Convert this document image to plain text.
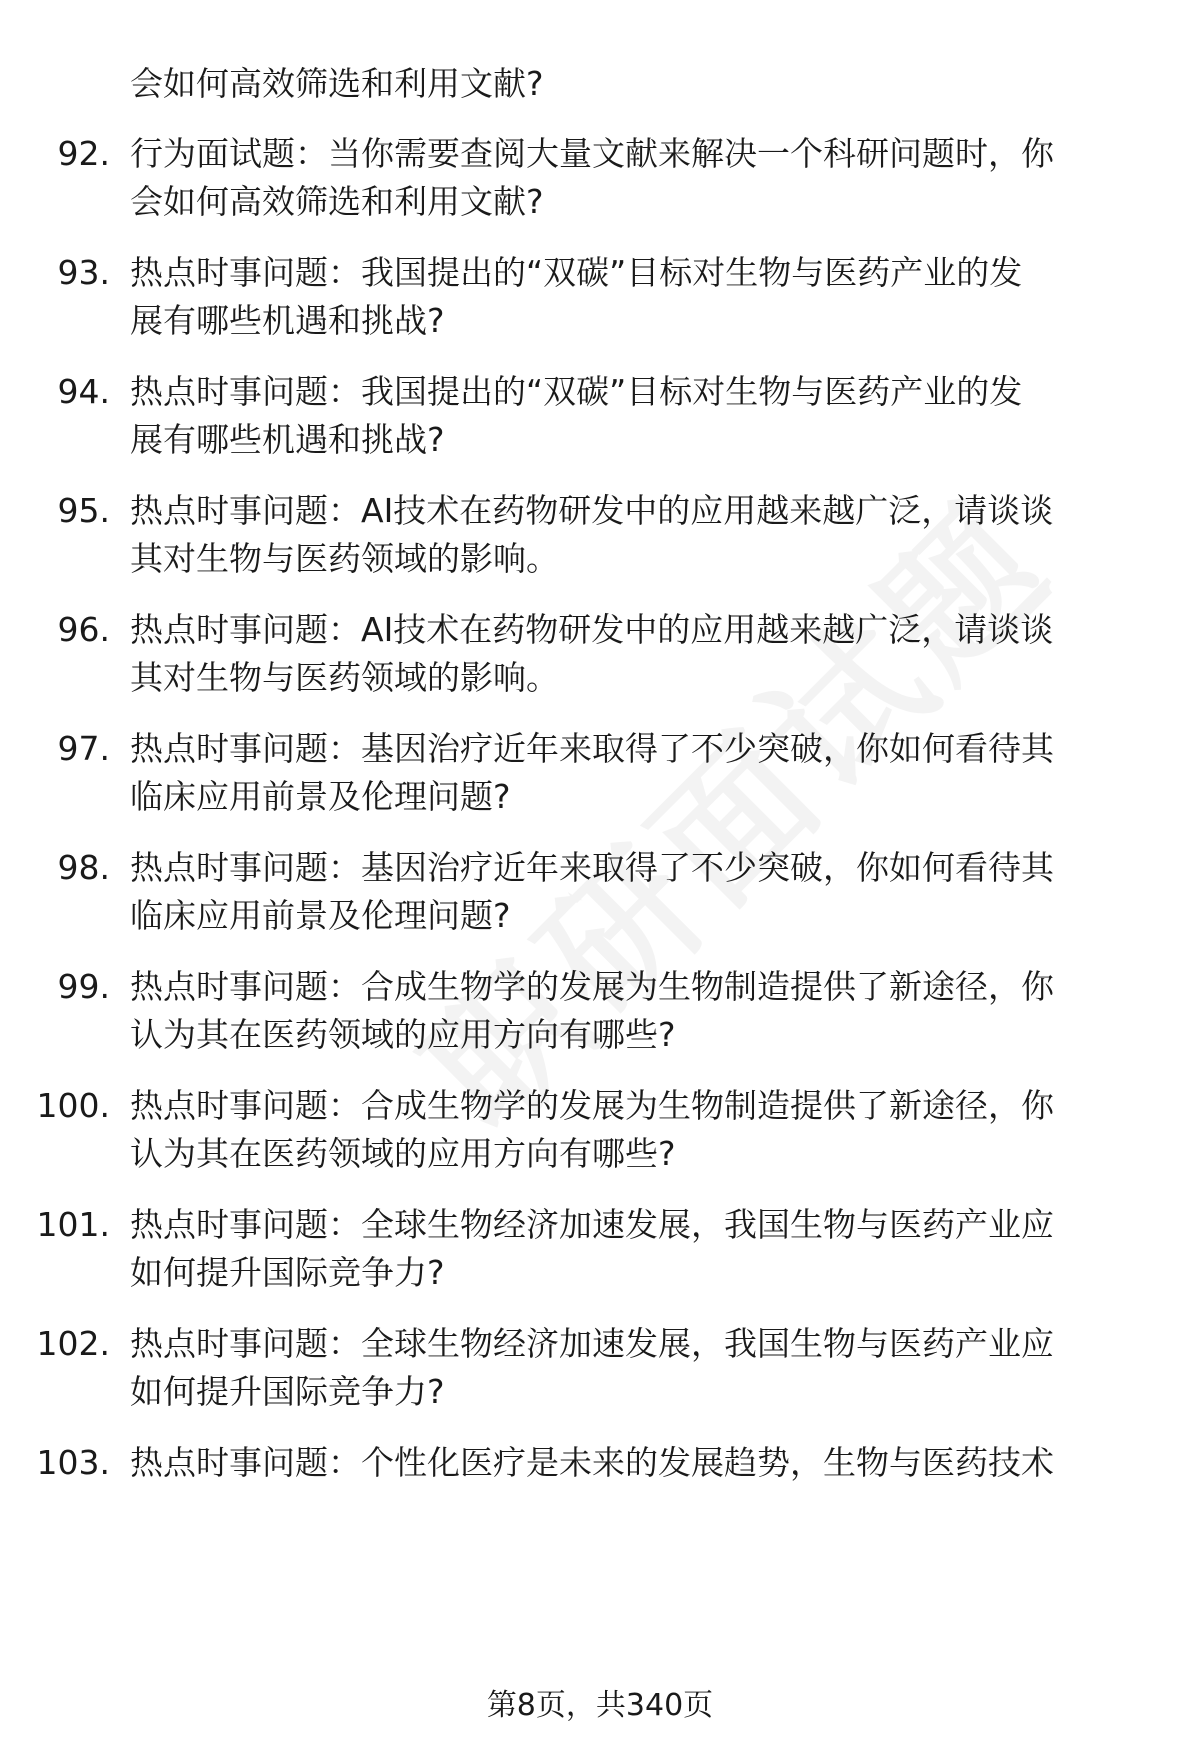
会如何高效筛选和利用文献?
92. 行为面试题：当你需要查阅大量文献来解决一个科研问题时，你
会如何高效筛选和利用文献?
93. 热点时事问题：我国提出的“双碳”目标对生物与医药产业的发
展有哪些机遇和挑战?
94. 热点时事问题：我国提出的“双碳”目标对生物与医药产业的发
展有哪些机遇和挑战?
95. 热点时事问题：AI技术在药物研发中的应用越来越广泛，请谈谈
其对生物与医药领域的影响。
96. 热点时事问题：AI技术在药物研发中的应用越来越广泛，请谈谈
其对生物与医药领域的影响。
97. 热点时事问题：基因治疗近年来取得了不少突破，你如何看待其
临床应用前景及伦理问题?
98. 热点时事问题：基因治疗近年来取得了不少突破，你如何看待其
临床应用前景及伦理问题?
99. 热点时事问题：合成生物学的发展为生物制造提供了新途径，你
认为其在医药领域的应用方向有哪些?
100. 热点时事问题：合成生物学的发展为生物制造提供了新途径，你
认为其在医药领域的应用方向有哪些?
101. 热点时事问题：全球生物经济加速发展，我国生物与医药产业应
如何提升国际竞争力?
102. 热点时事问题：全球生物经济加速发展，我国生物与医药产业应
如何提升国际竞争力?
103. 热点时事问题：个性化医疗是未来的发展趋势，生物与医药技术
第8页，共340页
